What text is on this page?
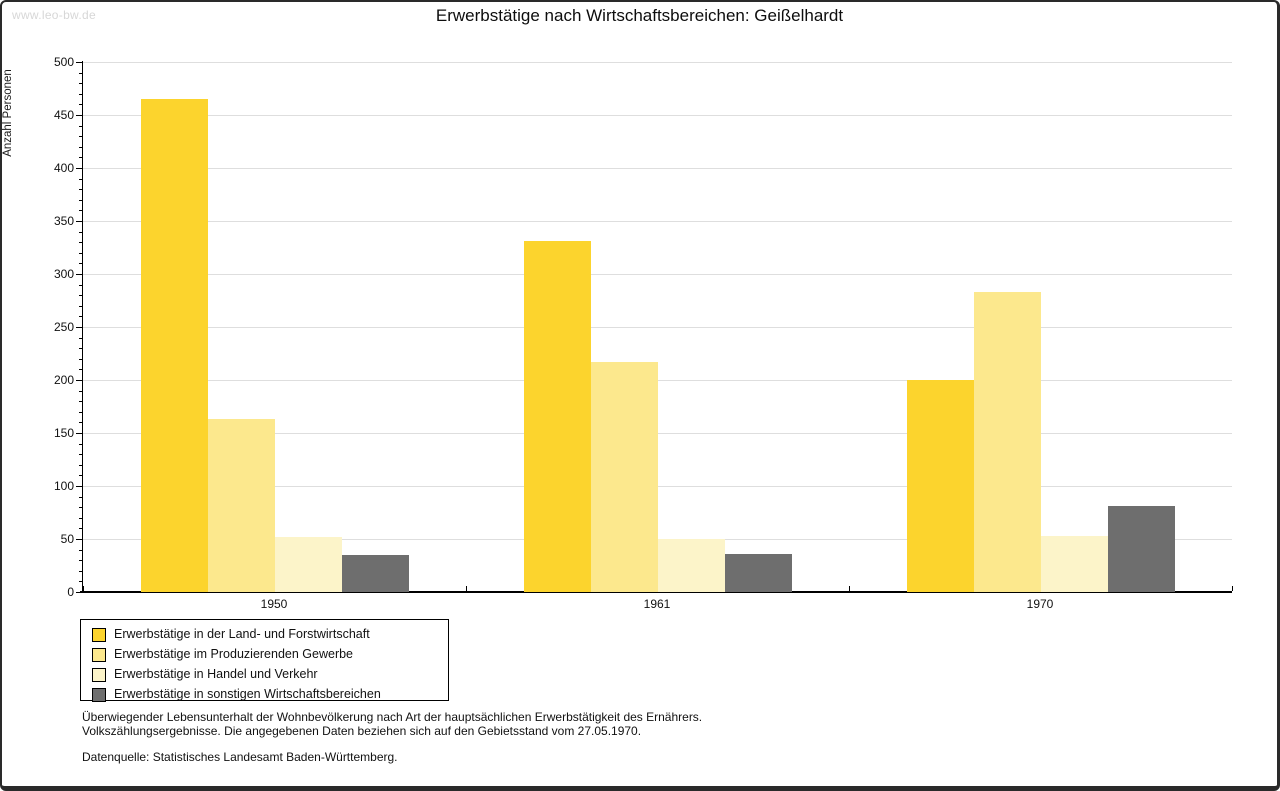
www.leo-bw.de	Erwerbstätige nach Wirtschaftsbereichen: Geißelhardt
Anzahl Personen
0
50
100
150
200
250
300
350
400
450
500
1950	1961	1970
Erwerbstätige in der Land- und Forstwirtschaft
Erwerbstätige im Produzierenden Gewerbe
Erwerbstätige in Handel und Verkehr
Erwerbstätige in sonstigen Wirtschaftsbereichen
Überwiegender Lebensunterhalt der Wohnbevölkerung nach Art der hauptsächlichen Erwerbstätigkeit des Ernährers.
Volkszählungsergebnisse. Die angegebenen Daten beziehen sich auf den Gebietsstand vom 27.05.1970.
Datenquelle: Statistisches Landesamt Baden-Württemberg.
